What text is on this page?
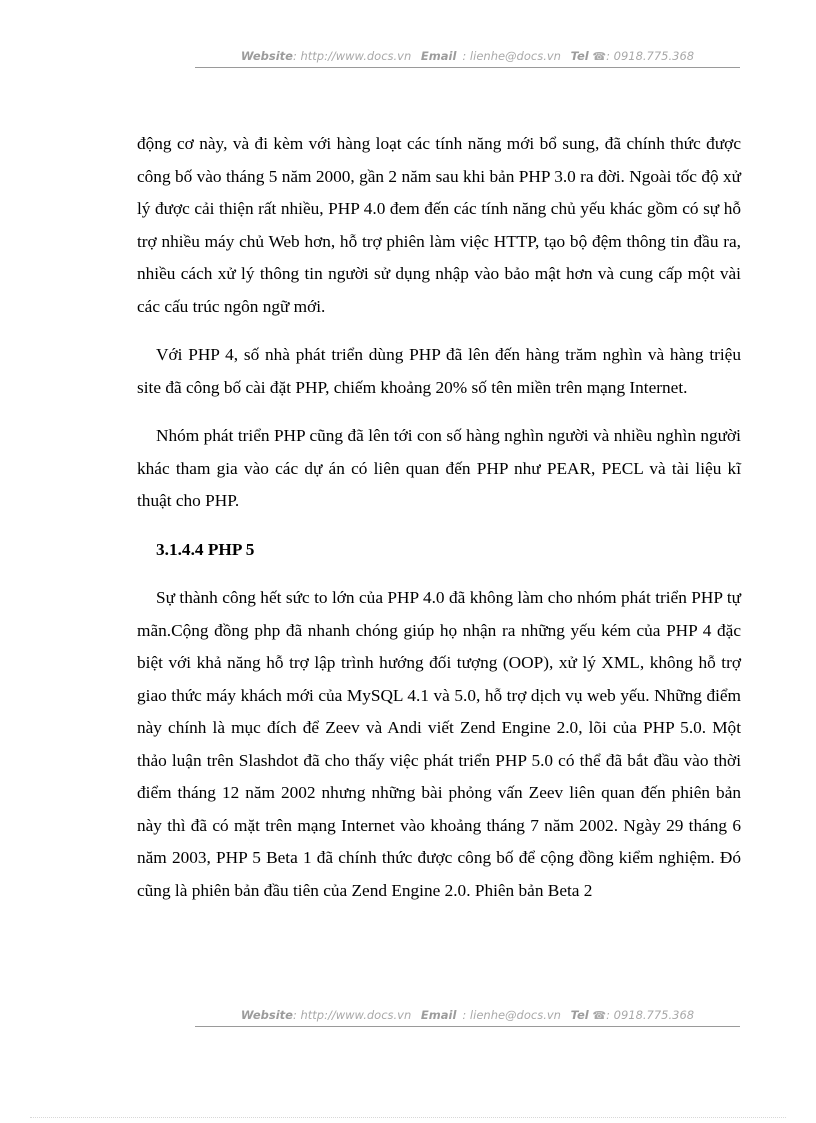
Website: http://www.docs.vn Email : lienhe@docs.vn Tel ☎: 0918.775.368

động cơ này, và đi kèm với hàng loạt các tính năng mới bổ sung, đã chính thức được công bố vào tháng 5 năm 2000, gần 2 năm sau khi bản PHP 3.0 ra đời. Ngoài tốc độ xử lý được cải thiện rất nhiều, PHP 4.0 đem đến các tính năng chủ yếu khác gồm có sự hỗ trợ nhiều máy chủ Web hơn, hỗ trợ phiên làm việc HTTP, tạo bộ đệm thông tin đầu ra, nhiều cách xử lý thông tin người sử dụng nhập vào bảo mật hơn và cung cấp một vài các cấu trúc ngôn ngữ mới.

Với PHP 4, số nhà phát triển dùng PHP đã lên đến hàng trăm nghìn và hàng triệu site đã công bố cài đặt PHP, chiếm khoảng 20% số tên miền trên mạng Internet.

Nhóm phát triển PHP cũng đã lên tới con số hàng nghìn người và nhiều nghìn người khác tham gia vào các dự án có liên quan đến PHP như PEAR, PECL và tài liệu kĩ thuật cho PHP.

3.1.4.4 PHP 5

Sự thành công hết sức to lớn của PHP 4.0 đã không làm cho nhóm phát triển PHP tự mãn.Cộng đồng php đã nhanh chóng giúp họ nhận ra những yếu kém của PHP 4 đặc biệt với khả năng hỗ trợ lập trình hướng đối tượng (OOP), xử lý XML, không hỗ trợ giao thức máy khách mới của MySQL 4.1 và 5.0, hỗ trợ dịch vụ web yếu. Những điểm này chính là mục đích để Zeev và Andi viết Zend Engine 2.0, lõi của PHP 5.0. Một thảo luận trên Slashdot đã cho thấy việc phát triển PHP 5.0 có thể đã bắt đầu vào thời điểm tháng 12 năm 2002 nhưng những bài phỏng vấn Zeev liên quan đến phiên bản này thì đã có mặt trên mạng Internet vào khoảng tháng 7 năm 2002. Ngày 29 tháng 6 năm 2003, PHP 5 Beta 1 đã chính thức được công bố để cộng đồng kiểm nghiệm. Đó cũng là phiên bản đầu tiên của Zend Engine 2.0. Phiên bản Beta 2

Website: http://www.docs.vn Email : lienhe@docs.vn Tel ☎: 0918.775.368
